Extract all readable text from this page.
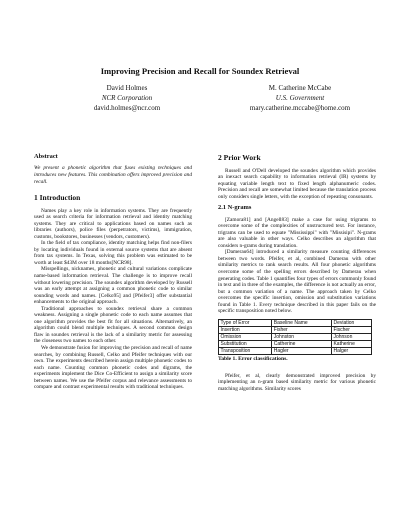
Improving Precision and Recall for Soundex Retrieval
David Holmes
NCR Corporation
david.holmes@ncr.com
M. Catherine McCabe
U.S. Government
mary.catherine.mccabe@home.com
Abstract

We present a phonetic algorithm that fuses existing techniques and introduces new features. This combination offers improved precision and recall.

1 Introduction

Names play a key role in information systems. They are frequently used as search criteria for information retrieval and identity matching systems. They are critical to applications based on names such as libraries (authors), police files (perpetrators, victims), immigration, customs, bookstores, businesses (vendors, customers).

In the field of tax compliance, identity matching helps find non-filers by locating individuals found in external source systems that are absent from tax systems. In Texas, solving this problem was estimated to be worth at least $43M over 18 months[NCR98].

Misspellings, nicknames, phonetic and cultural variations complicate name-based information retrieval. The challenge is to improve recall without lowering precision. The soundex algorithm developed by Russell was an early attempt at assigning a common phonetic code to similar sounding words and names. [Celko95] and [Pfeifer3] offer substantial enhancements to the original approach.

Traditional approaches to soundex retrieval share a common weakness. Assigning a single phonetic code to each name assumes that one algorithm provides the best fit for all situations. Alternatively, an algorithm could blend multiple techniques. A second common design flaw in soundex retrieval is the lack of a similarity metric for assessing the closeness two names to each other.

We demonstrate fusion for improving the precision and recall of name searches, by combining Russell, Celko and Pfeifer techniques with our own. The experiments described herein assign multiple phonetic codes to each name. Counting common phonetic codes and digrams, the experiments implement the Dice Co-Efficient to assign a similarity score between names. We use the Pfeifer corpus and relevance assessments to compare and contrast experimental results with traditional techniques.

2 Prior Work

Russell and O'Dell developed the soundex algorithm which provides an inexact search capability to information retrieval (IR) systems by equating variable length text to fixed length alphanumeric codes. Precision and recall are somewhat limited because the translation process only considers single letters, with the exception of repeating consonants.

2.1 N-grams

[Zamora81] and [Angell83] make a case for using trigrams to overcome some of the complexities of unstructured text. For instance, trigrams can be used to equate "Mississippi" with "Missisipi". N-grams are also valuable in other ways. Celko describes an algorithm that considers n-grams during translation.

[Damerau64] introduced a similarity measure counting differences between two words. Pfeifer, et al, combined Damerau with other similarity metrics to rank search results. All four phonetic algorithms overcome some of the spelling errors described by Damerau when generating codes. Table 1 quantifies four types of errors commonly found in text and in three of the examples, the difference is not actually an error, but a common variation of a name. The approach taken by Celko overcomes the specific insertion, omission and substitution variations found in Table 1. Every technique described in this paper fails on the specific transposition noted below.

Type of Error	Baseline Name	Deviation
Insertion	Fisher	Fischer
Omission	Johnston	Johnson
Substitution	Catherine	Katherine
Transposition	Hagler	Halger
Table 1. Error classifications.

Pfeifer, et al, clearly demonstrated improved precision by implementing an n-gram based similarity metric for various phonetic matching algorithms. Similarity scores
